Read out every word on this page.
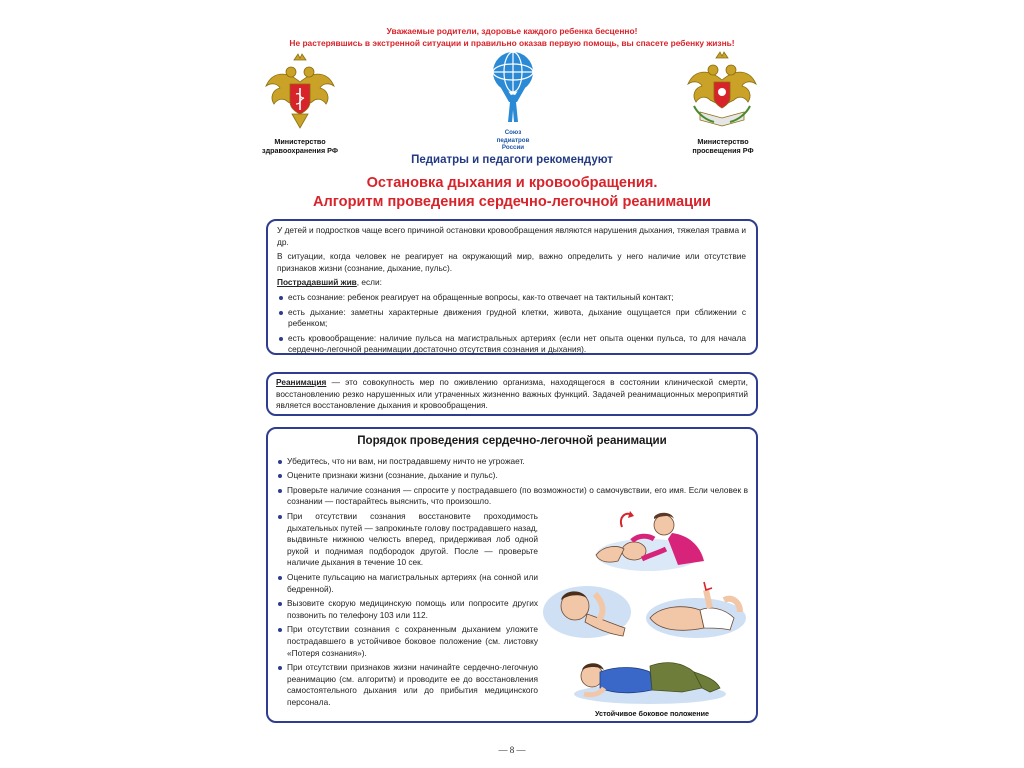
Уважаемые родители, здоровье каждого ребенка бесценно!
Не растерявшись в экстренной ситуации и правильно оказав первую помощь, вы спасете ребенку жизнь!
Министерство
здравоохранения РФ
Союз
педиатров
России
Министерство
просвещения РФ
Педиатры и педагоги рекомендуют
Остановка дыхания и кровообращения.
Алгоритм проведения сердечно-легочной реанимации
У детей и подростков чаще всего причиной остановки кровообращения являются нарушения дыхания, тяжелая травма и др.
В ситуации, когда человек не реагирует на окружающий мир, важно определить у него наличие или отсутствие признаков жизни (сознание, дыхание, пульс).
Пострадавший жив, если:
есть сознание: ребенок реагирует на обращенные вопросы, как-то отвечает на тактильный контакт;
есть дыхание: заметны характерные движения грудной клетки, живота, дыхание ощущается при сближении с ребенком;
есть кровообращение: наличие пульса на магистральных артериях (если нет опыта оценки пульса, то для начала сердечно-легочной реанимации достаточно отсутствия сознания и дыхания).
Реанимация — это совокупность мер по оживлению организма, находящегося в состоянии клинической смерти, восстановлению резко нарушенных или утраченных жизненно важных функций. Задачей реанимационных мероприятий является восстановление дыхания и кровообращения.
Порядок проведения сердечно-легочной реанимации
Убедитесь, что ни вам, ни пострадавшему ничто не угрожает.
Оцените признаки жизни (сознание, дыхание и пульс).
Проверьте наличие сознания — спросите у пострадавшего (по возможности) о самочувствии, его имя. Если человек в сознании — постарайтесь выяснить, что произошло.
При отсутствии сознания восстановите проходимость дыхательных путей — запрокиньте голову пострадавшего назад, выдвиньте нижнюю челюсть вперед, придерживая лоб одной рукой и поднимая подбородок другой. После — проверьте наличие дыхания в течение 10 сек.
Оцените пульсацию на магистральных артериях (на сонной или бедренной).
Вызовите скорую медицинскую помощь или попросите других позвонить по телефону 103 или 112.
При отсутствии сознания с сохраненным дыханием уложите пострадавшего в устойчивое боковое положение (см. листовку «Потеря сознания»).
При отсутствии признаков жизни начинайте сердечно-легочную реанимацию (см. алгоритм) и проводите ее до восстановления самостоятельного дыхания или до прибытия медицинского персонала.
Устойчивое боковое положение
— 8 —
